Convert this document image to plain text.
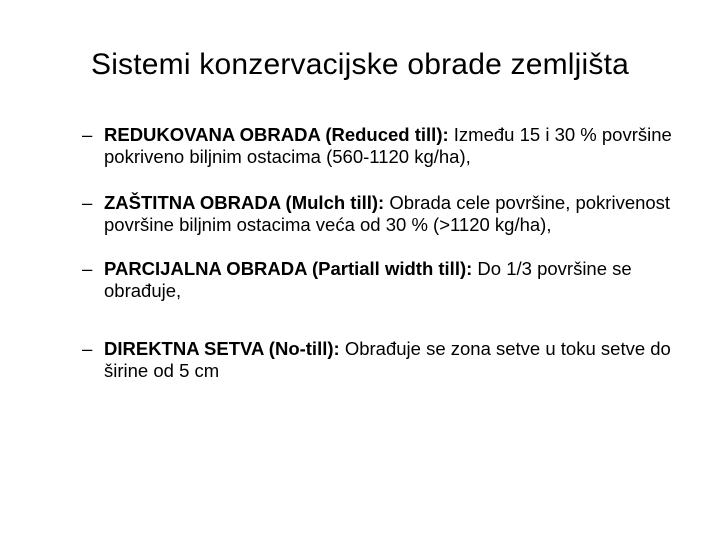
Sistemi konzervacijske obrade zemljišta
– REDUKOVANA OBRADA (Reduced till): Između 15 i 30 % površine pokriveno biljnim ostacima (560-1120 kg/ha),
– ZAŠTITNA OBRADA (Mulch till): Obrada cele površine, pokrivenost površine biljnim ostacima veća od 30 % (>1120 kg/ha),
– PARCIJALNA OBRADA (Partiall width till): Do 1/3 površine se obrađuje,
– DIREKTNA SETVA (No-till): Obrađuje se zona setve u toku setve do širine od 5 cm
